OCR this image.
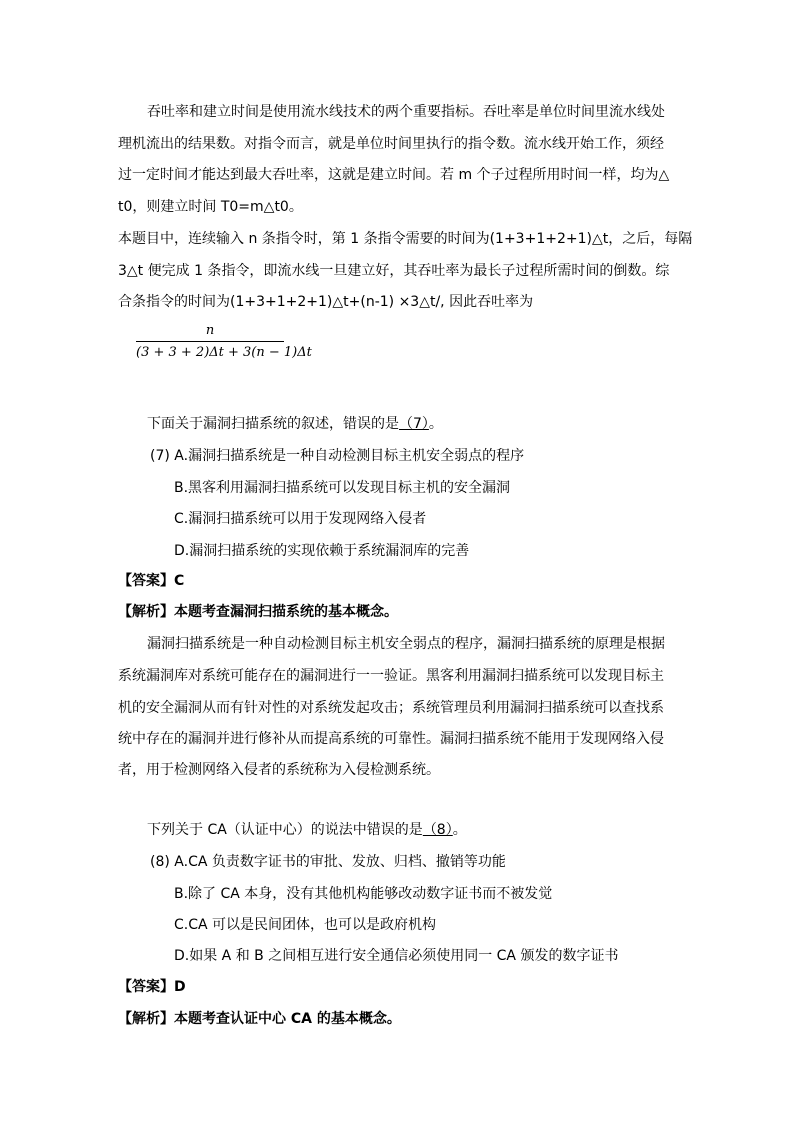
吞吐率和建立时间是使用流水线技术的两个重要指标。吞吐率是单位时间里流水线处
理机流出的结果数。对指令而言，就是单位时间里执行的指令数。流水线开始工作，须经
过一定时间才能达到最大吞吐率，这就是建立时间。若 m 个子过程所用时间一样，均为△
t0，则建立时间 T0=m△t0。
本题目中，连续输入 n 条指令时，第 1 条指令需要的时间为(1+3+1+2+1)△t，之后，每隔
3△t 便完成 1 条指令，即流水线一旦建立好，其吞吐率为最长子过程所需时间的倒数。综
合条指令的时间为(1+3+1+2+1)△t+(n-1) ×3△t/, 因此吞吐率为
n
(3 + 3 + 2)Δt + 3(n − 1)Δt
下面关于漏洞扫描系统的叙述，错误的是（7）。
(7) A.漏洞扫描系统是一种自动检测目标主机安全弱点的程序
B.黑客利用漏洞扫描系统可以发现目标主机的安全漏洞
C.漏洞扫描系统可以用于发现网络入侵者
D.漏洞扫描系统的实现依赖于系统漏洞库的完善
【答案】C
【解析】本题考查漏洞扫描系统的基本概念。
漏洞扫描系统是一种自动检测目标主机安全弱点的程序，漏洞扫描系统的原理是根据
系统漏洞库对系统可能存在的漏洞进行一一验证。黑客利用漏洞扫描系统可以发现目标主
机的安全漏洞从而有针对性的对系统发起攻击；系统管理员利用漏洞扫描系统可以查找系
统中存在的漏洞并进行修补从而提高系统的可靠性。漏洞扫描系统不能用于发现网络入侵
者，用于检测网络入侵者的系统称为入侵检测系统。
下列关于 CA（认证中心）的说法中错误的是（8）。
(8) A.CA 负责数字证书的审批、发放、归档、撤销等功能
B.除了 CA 本身，没有其他机构能够改动数字证书而不被发觉
C.CA 可以是民间团体，也可以是政府机构
D.如果 A 和 B 之间相互进行安全通信必须使用同一 CA 颁发的数字证书
【答案】D
【解析】本题考查认证中心 CA 的基本概念。
